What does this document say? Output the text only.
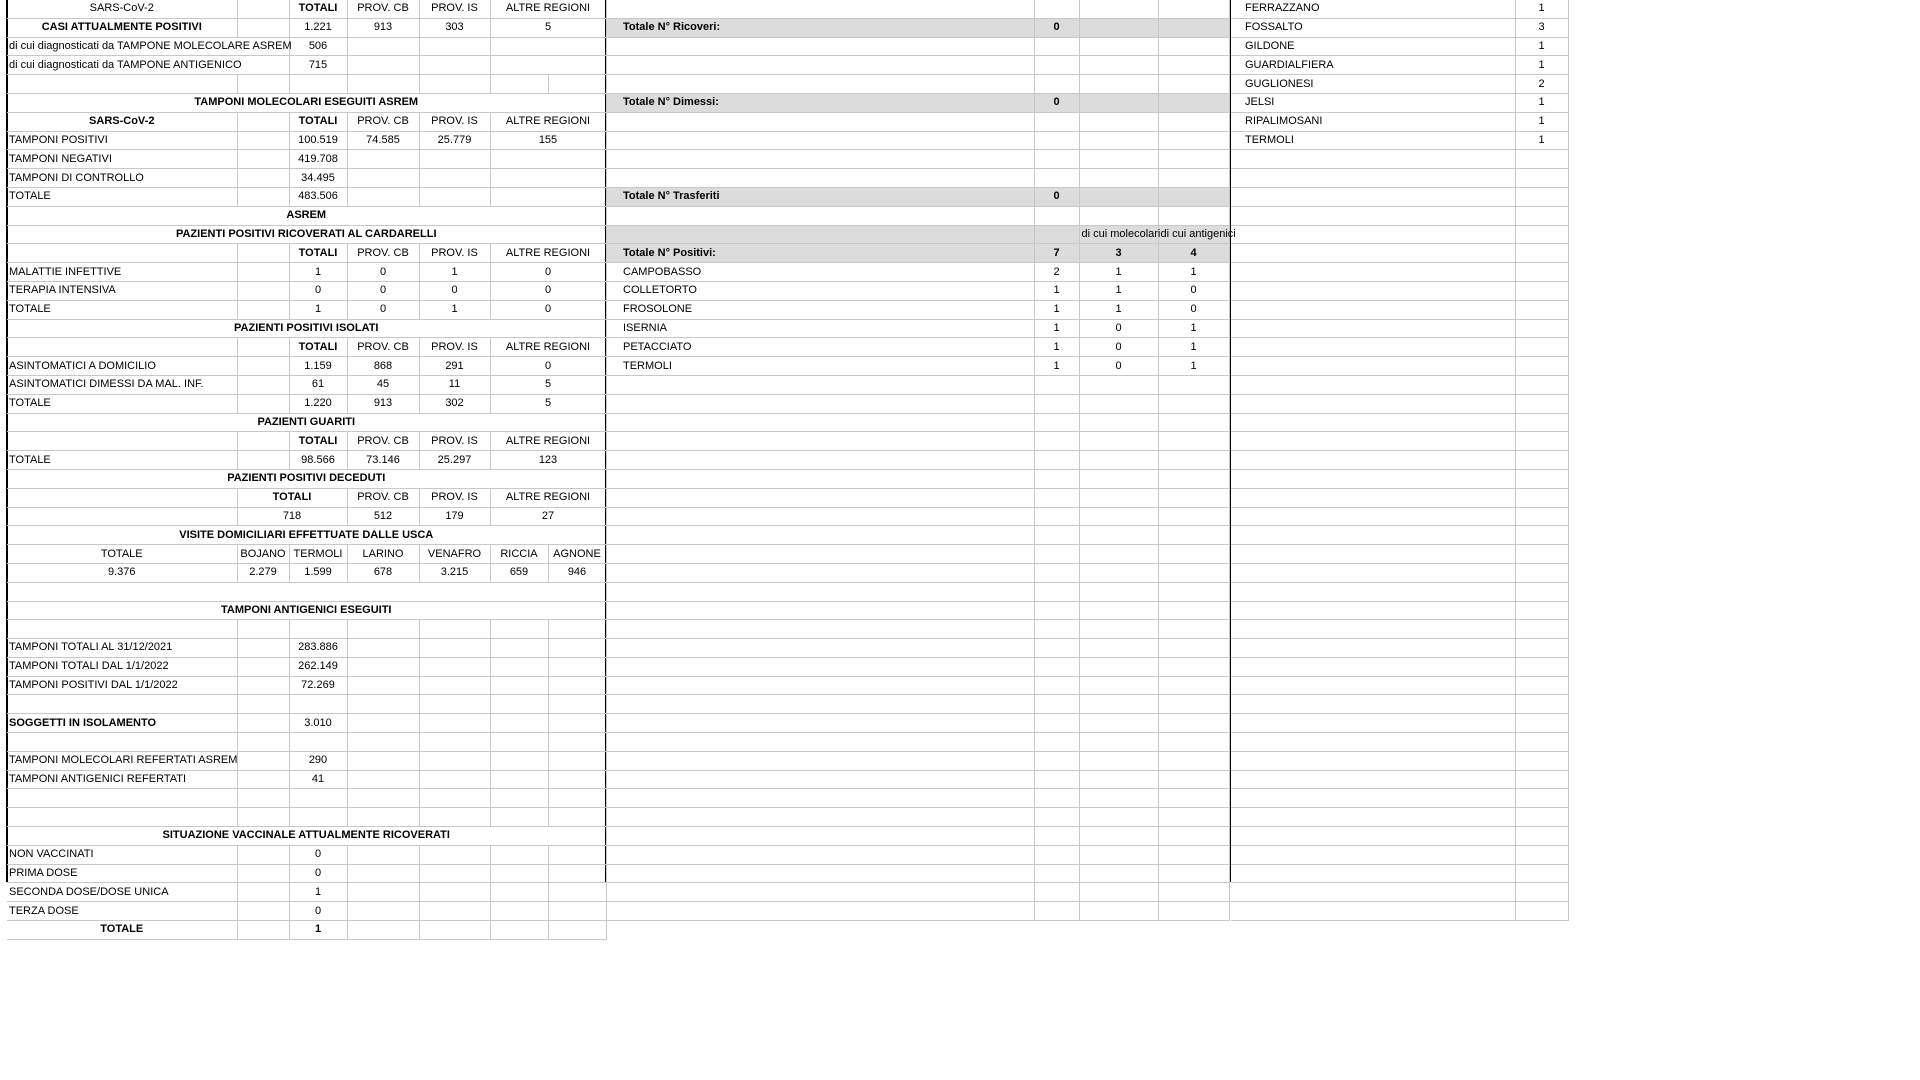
SARS-CoV-2		TOTALI	PROV. CB	PROV. IS	ALTRE REGIONI	
CASI ATTUALMENTE POSITIVI		1.221	913	303	5	
di cui diagnosticati da TAMPONE MOLECOLARE ASREM		506				
di cui diagnosticati da TAMPONE ANTIGENICO		715				

TAMPONI MOLECOLARI ESEGUITI ASREM						
SARS-CoV-2		TOTALI	PROV. CB	PROV. IS	ALTRE REGIONI	
TAMPONI POSITIVI		100.519	74.585	25.779	155	
TAMPONI NEGATIVI		419.708				
TAMPONI DI CONTROLLO		34.495				
TOTALE		483.506				
ASREM						
PAZIENTI POSITIVI RICOVERATI AL CARDARELLI						
		TOTALI	PROV. CB	PROV. IS	ALTRE REGIONI	
MALATTIE INFETTIVE		1	0	1	0	
TERAPIA INTENSIVA		0	0	0	0	
TOTALE		1	0	1	0	
PAZIENTI POSITIVI ISOLATI						
		TOTALI	PROV. CB	PROV. IS	ALTRE REGIONI	
ASINTOMATICI A DOMICILIO		1.159	868	291	0	
ASINTOMATICI DIMESSI DA MAL. INF.		61	45	11	5	
TOTALE		1.220	913	302	5	
PAZIENTI GUARITI						
		TOTALI	PROV. CB	PROV. IS	ALTRE REGIONI	
TOTALE		98.566	73.146	25.297	123	
PAZIENTI POSITIVI DECEDUTI						
	TOTALI		PROV. CB	PROV. IS	ALTRE REGIONI	
	718		512	179	27	
VISITE DOMICILIARI EFFETTUATE DALLE USCA						
TOTALE	BOJANO	TERMOLI	LARINO	VENAFRO	RICCIA	AGNONE
9.376	2.279	1.599	678	3.215	659	946

TAMPONI ANTIGENICI ESEGUITI						

TAMPONI TOTALI AL 31/12/2021		283.886				
TAMPONI TOTALI DAL 1/1/2022		262.149				
TAMPONI POSITIVI DAL 1/1/2022		72.269				

SOGGETTI IN ISOLAMENTO		3.010				

TAMPONI MOLECOLARI REFERTATI ASREM		290				
TAMPONI ANTIGENICI REFERTATI		41				

SITUAZIONE VACCINALE ATTUALMENTE RICOVERATI						
NON VACCINATI		0				
PRIMA DOSE		0				
SECONDA DOSE/DOSE UNICA		1				
TERZA DOSE		0				
TOTALE		1				

Totale N° Ricoveri:	0		

Totale N° Dimessi:	0		

Totale N° Trasferiti	0		

		di cui molecolari	di cui antigenici
Totale N° Positivi:	7	3	4
CAMPOBASSO	2	1	1
COLLETORTO	1	1	0
FROSOLONE	1	1	0
ISERNIA	1	0	1
PETACCIATO	1	0	1
TERMOLI	1	0	1

FERRAZZANO	1
FOSSALTO	3
GILDONE	1
GUARDIALFIERA	1
GUGLIONESI	2
JELSI	1
RIPALIMOSANI	1
TERMOLI	1
